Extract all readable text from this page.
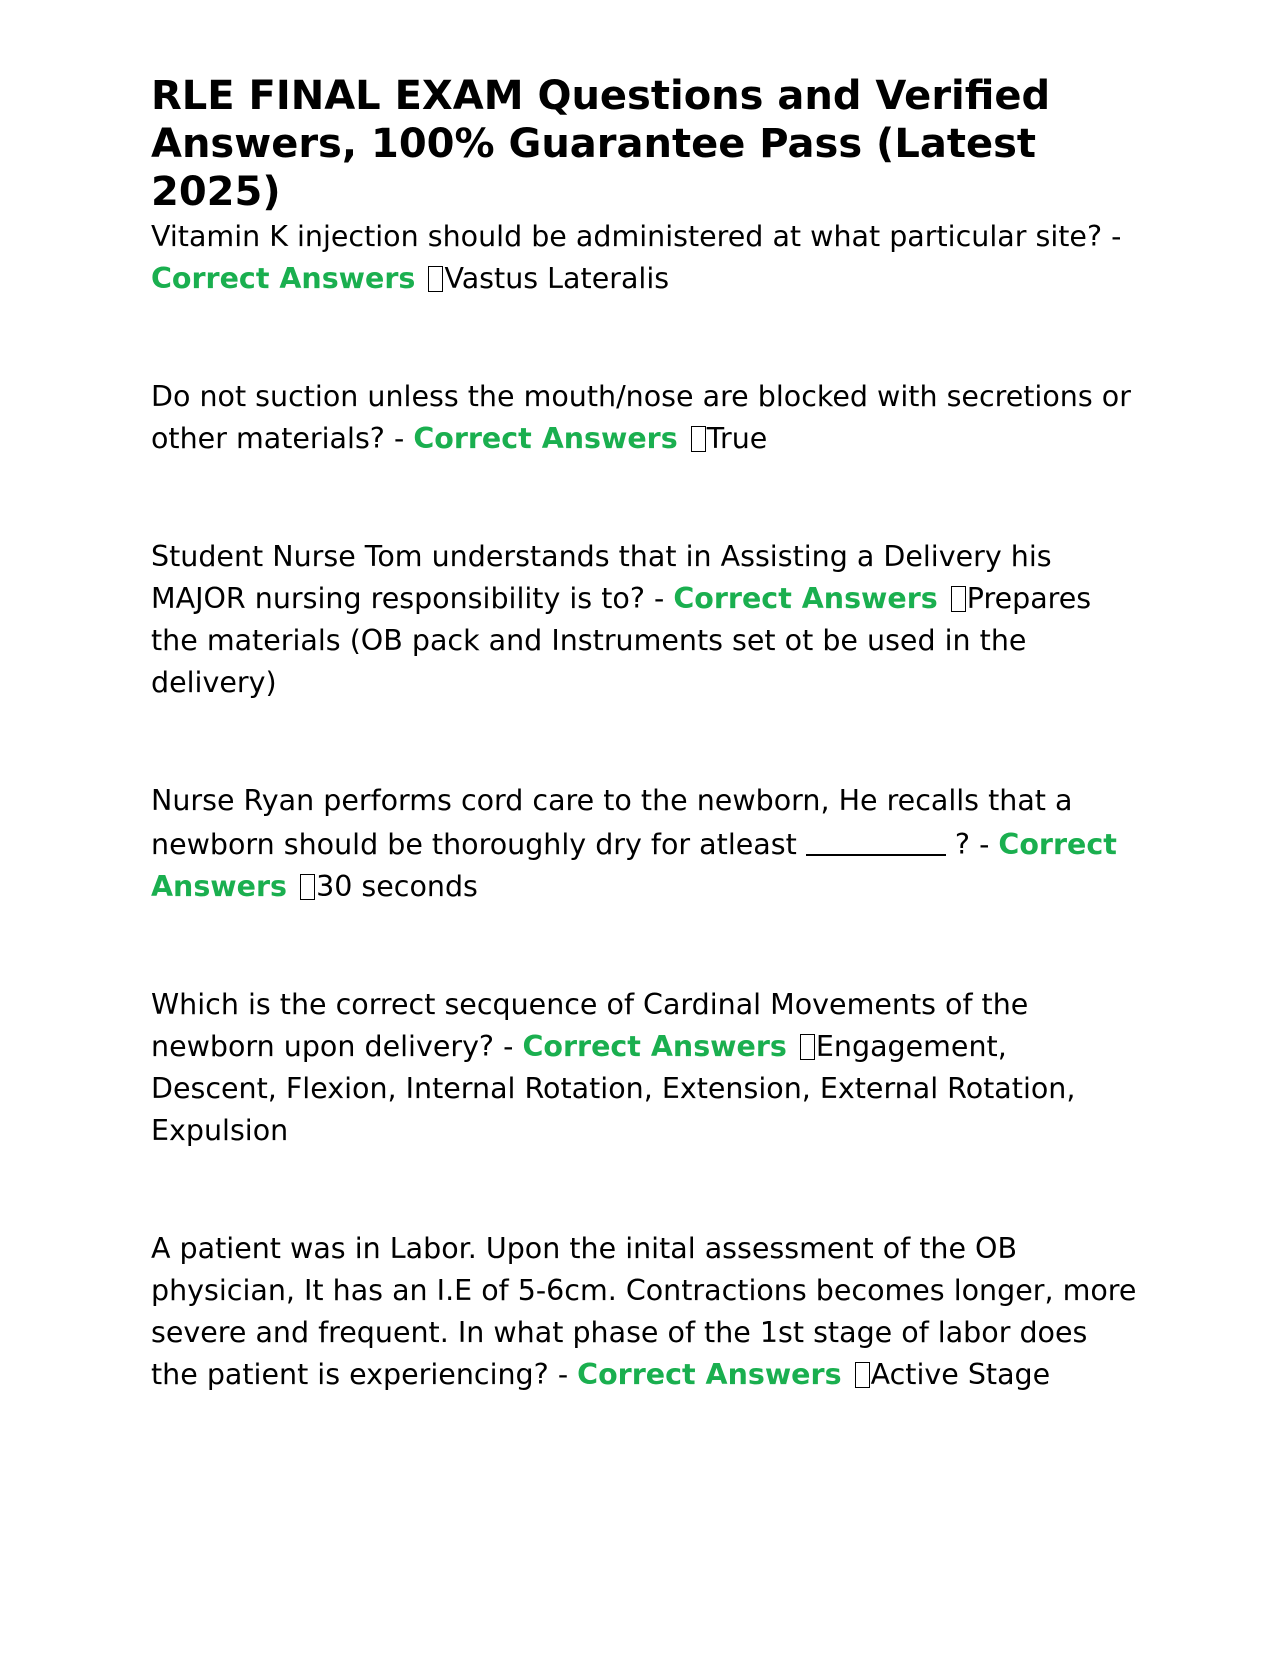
RLE FINAL EXAM Questions and Verified Answers, 100% Guarantee Pass (Latest 2025)

Vitamin K injection should be administered at what particular site? - Correct Answers Vastus Lateralis

Do not suction unless the mouth/nose are blocked with secretions or other materials? - Correct Answers True

Student Nurse Tom understands that in Assisting a Delivery his MAJOR nursing responsibility is to? - Correct Answers Prepares the materials (OB pack and Instruments set ot be used in the delivery)

Nurse Ryan performs cord care to the newborn, He recalls that a newborn should be thoroughly dry for atleast	? - Correct Answers 30 seconds

Which is the correct secquence of Cardinal Movements of the newborn upon delivery? - Correct Answers Engagement, Descent, Flexion, Internal Rotation, Extension, External Rotation, Expulsion

A patient was in Labor. Upon the inital assessment of the OB physician, It has an I.E of 5-6cm. Contractions becomes longer, more severe and frequent. In what phase of the 1st stage of labor does the patient is experiencing? - Correct Answers Active Stage
